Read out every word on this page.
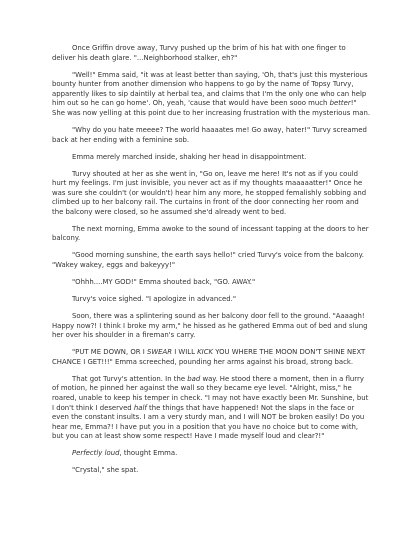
Once Griffin drove away, Turvy pushed up the brim of his hat with one finger to deliver his death glare. "...Neighborhood stalker, eh?"

"Well!" Emma said, "it was at least better than saying, 'Oh, that's just this mysterious bounty hunter from another dimension who happens to go by the name of Topsy Turvy, apparently likes to sip daintily at herbal tea, and claims that I'm the only one who can help him out so he can go home'. Oh, yeah, 'cause that would have been sooo much better!" She was now yelling at this point due to her increasing frustration with the mysterious man.

"Why do you hate meeee? The world haaaates me! Go away, hater!" Turvy screamed back at her ending with a feminine sob.

Emma merely marched inside, shaking her head in disappointment.

Turvy shouted at her as she went in, "Go on, leave me here! It's not as if you could hurt my feelings. I'm just invisible, you never act as if my thoughts maaaaatter!" Once he was sure she couldn't (or wouldn't) hear him any more, he stopped femalishly sobbing and climbed up to her balcony rail. The curtains in front of the door connecting her room and the balcony were closed, so he assumed she'd already went to bed.

The next morning, Emma awoke to the sound of incessant tapping at the doors to her balcony.

"Good morning sunshine, the earth says hello!" cried Turvy's voice from the balcony. "Wakey wakey, eggs and bakeyyy!"

"Ohhh....MY GOD!" Emma shouted back, "GO. AWAY."

Turvy's voice sighed. "I apologize in advanced."

Soon, there was a splintering sound as her balcony door fell to the ground. "Aaaagh! Happy now?! I think I broke my arm," he hissed as he gathered Emma out of bed and slung her over his shoulder in a fireman's carry.

"PUT ME DOWN, OR I SWEAR I WILL KICK YOU WHERE THE MOON DON'T SHINE NEXT CHANCE I GET!!!" Emma screeched, pounding her arms against his broad, strong back.

That got Turvy's attention. In the bad way. He stood there a moment, then in a flurry of motion, he pinned her against the wall so they became eye level. "Alright, miss," he roared, unable to keep his temper in check. "I may not have exactly been Mr. Sunshine, but I don't think I deserved half the things that have happened! Not the slaps in the face or even the constant insults. I am a very sturdy man, and I will NOT be broken easily! Do you hear me, Emma?! I have put you in a position that you have no choice but to come with, but you can at least show some respect! Have I made myself loud and clear?!"

Perfectly loud, thought Emma.

"Crystal," she spat.
